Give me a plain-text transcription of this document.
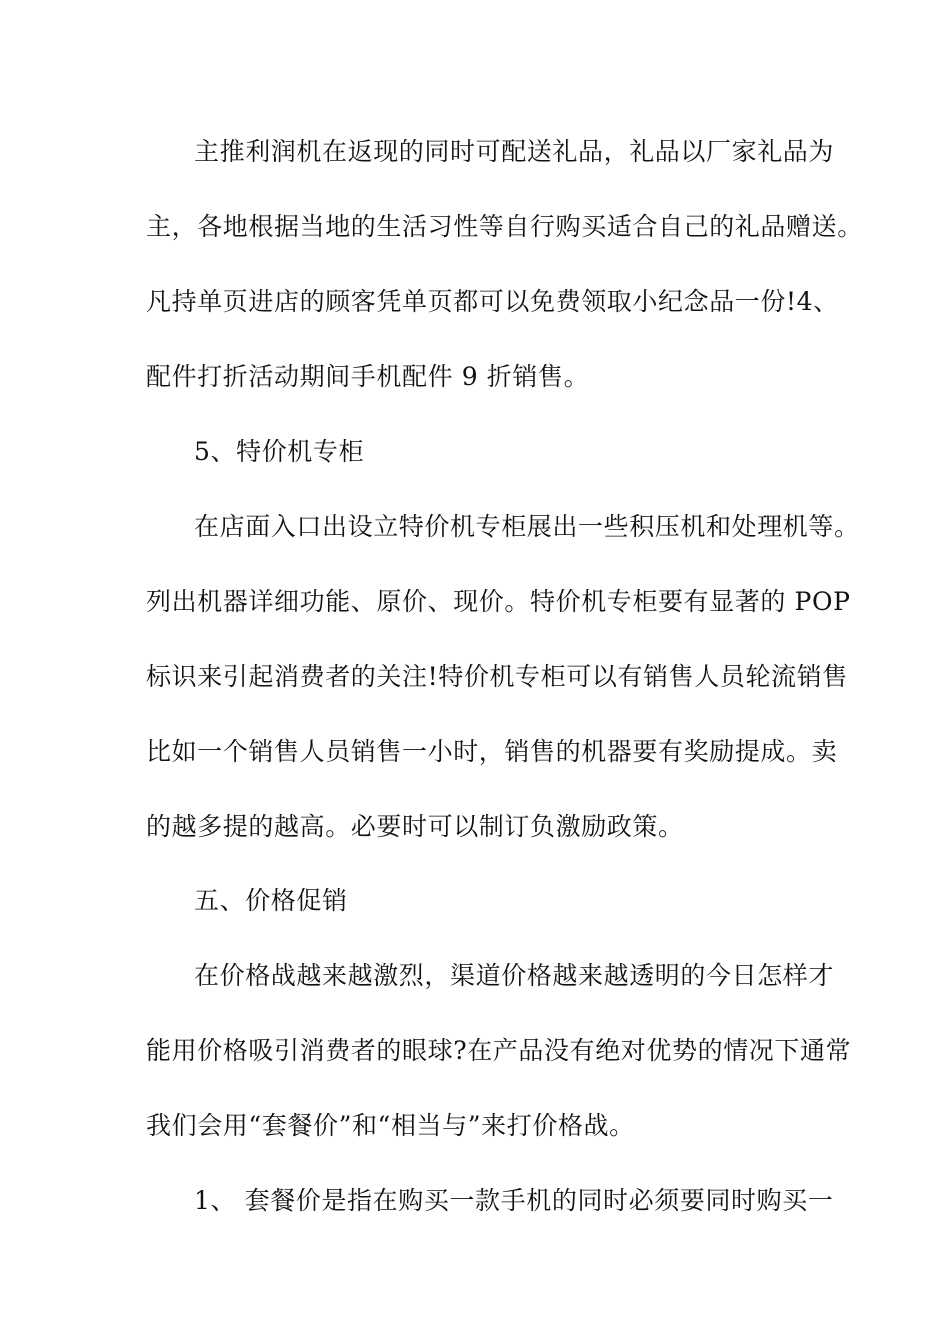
主推利润机在返现的同时可配送礼品，礼品以厂家礼品为
主，各地根据当地的生活习性等自行购买适合自己的礼品赠送。
凡持单页进店的顾客凭单页都可以免费领取小纪念品一份!4、
配件打折活动期间手机配件 9 折销售。
5、特价机专柜
在店面入口出设立特价机专柜展出一些积压机和处理机等。
列出机器详细功能、原价、现价。特价机专柜要有显著的 POP
标识来引起消费者的关注!特价机专柜可以有销售人员轮流销售
比如一个销售人员销售一小时，销售的机器要有奖励提成。卖
的越多提的越高。必要时可以制订负激励政策。
五、价格促销
在价格战越来越激烈，渠道价格越来越透明的今日怎样才
能用价格吸引消费者的眼球?在产品没有绝对优势的情况下通常
我们会用“套餐价”和“相当与”来打价格战。
1、 套餐价是指在购买一款手机的同时必须要同时购买一
